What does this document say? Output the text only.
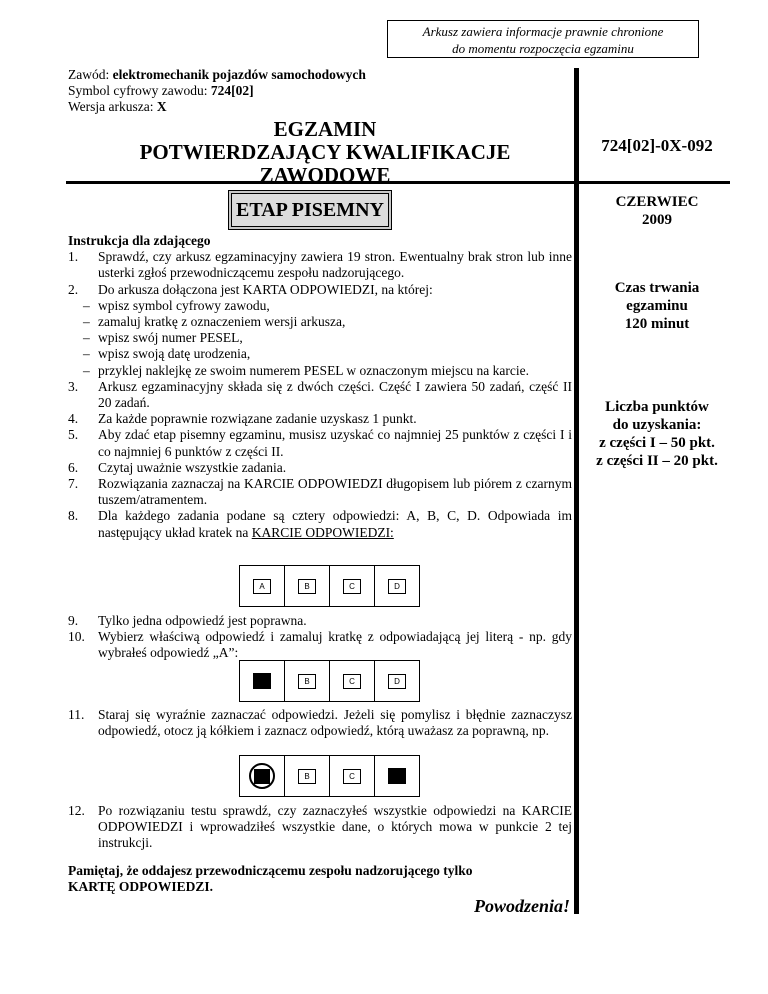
Arkusz zawiera informacje prawnie chronione
do momentu rozpoczęcia egzaminu
Zawód: elektromechanik pojazdów samochodowych
Symbol cyfrowy zawodu: 724[02]
Wersja arkusza: X
EGZAMIN
POTWIERDZAJĄCY KWALIFIKACJE
ZAWODOWE
724[02]-0X-092
ETAP PISEMNY	CZERWIEC
2009
Czas trwania
egzaminu
120 minut
Liczba punktów
do uzyskania:
z części I – 50 pkt.
z części II – 20 pkt.
Instrukcja dla zdającego
1. Sprawdź, czy arkusz egzaminacyjny zawiera 19 stron. Ewentualny brak stron lub inne usterki zgłoś przewodniczącemu zespołu nadzorującego.
2. Do arkusza dołączona jest KARTA ODPOWIEDZI, na której:
– wpisz symbol cyfrowy zawodu,
– zamaluj kratkę z oznaczeniem wersji arkusza,
– wpisz swój numer PESEL,
– wpisz swoją datę urodzenia,
– przyklej naklejkę ze swoim numerem PESEL w oznaczonym miejscu na karcie.
3. Arkusz egzaminacyjny składa się z dwóch części. Część I zawiera 50 zadań, część II 20 zadań.
4. Za każde poprawnie rozwiązane zadanie uzyskasz 1 punkt.
5. Aby zdać etap pisemny egzaminu, musisz uzyskać co najmniej 25 punktów z części I i co najmniej 6 punktów z części II.
6. Czytaj uważnie wszystkie zadania.
7. Rozwiązania zaznaczaj na KARCIE ODPOWIEDZI długopisem lub piórem z czarnym tuszem/atramentem.
8. Dla każdego zadania podane są cztery odpowiedzi: A, B, C, D. Odpowiada im następujący układ kratek na KARCIE ODPOWIEDZI:
A	B	C	D
9. Tylko jedna odpowiedź jest poprawna.
10. Wybierz właściwą odpowiedź i zamaluj kratkę z odpowiadającą jej literą - np. gdy wybrałeś odpowiedź „A”:
B	C	D
11. Staraj się wyraźnie zaznaczać odpowiedzi. Jeżeli się pomylisz i błędnie zaznaczysz odpowiedź, otocz ją kółkiem i zaznacz odpowiedź, którą uważasz za poprawną, np.
B	C
12. Po rozwiązaniu testu sprawdź, czy zaznaczyłeś wszystkie odpowiedzi na KARCIE ODPOWIEDZI i wprowadziłeś wszystkie dane, o których mowa w punkcie 2 tej instrukcji.
Pamiętaj, że oddajesz przewodniczącemu zespołu nadzorującego tylko
KARTĘ ODPOWIEDZI.
Powodzenia!
